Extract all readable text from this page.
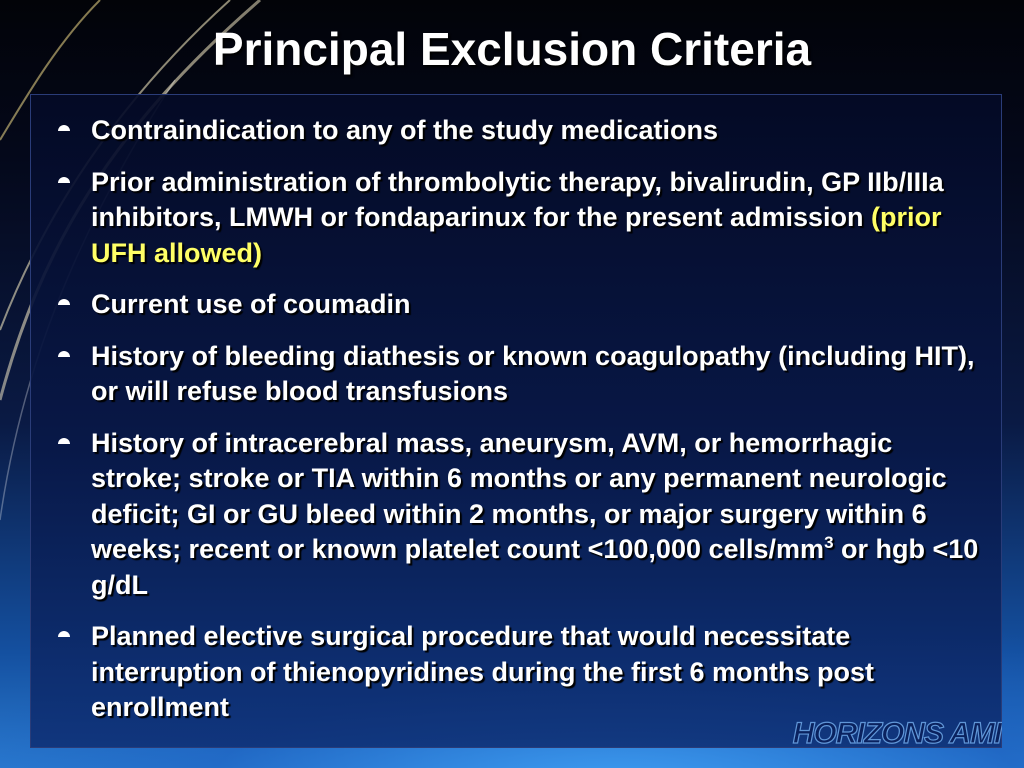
Principal Exclusion Criteria
Contraindication to any of the study medications
Prior administration of thrombolytic therapy, bivalirudin, GP IIb/IIIa inhibitors, LMWH or fondaparinux for the present admission (prior UFH allowed)
Current use of coumadin
History of bleeding diathesis or known coagulopathy (including HIT), or will refuse blood transfusions
History of intracerebral mass, aneurysm, AVM, or hemorrhagic stroke; stroke or TIA within 6 months or any permanent neurologic deficit; GI or GU bleed within 2 months, or major surgery within 6 weeks; recent or known platelet count <100,000 cells/$mm^3$ or hgb <10 g/dL
Planned elective surgical procedure that would necessitate interruption of thienopyridines during the first 6 months post enrollment
HORIZONS AMI
